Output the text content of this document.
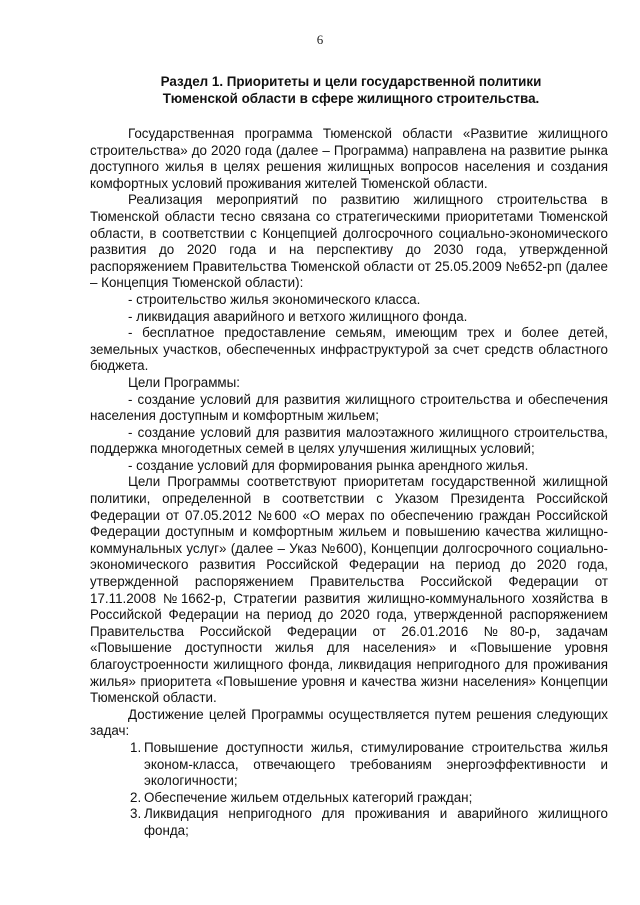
6
Раздел 1. Приоритеты и цели государственной политики
Тюменской области в сфере жилищного строительства.

Государственная программа Тюменской области «Развитие жилищного строительства» до 2020 года (далее – Программа) направлена на развитие рынка доступного жилья в целях решения жилищных вопросов населения и создания комфортных условий проживания жителей Тюменской области.

Реализация мероприятий по развитию жилищного строительства в Тюменской области тесно связана со стратегическими приоритетами Тюменской области, в соответствии с Концепцией долгосрочного социально-экономического развития до 2020 года и на перспективу до 2030 года, утвержденной распоряжением Правительства Тюменской области от 25.05.2009 №652-рп (далее – Концепция Тюменской области):

- строительство жилья экономического класса.

- ликвидация аварийного и ветхого жилищного фонда.

- бесплатное предоставление семьям, имеющим трех и более детей, земельных участков, обеспеченных инфраструктурой за счет средств областного бюджета.

Цели Программы:

- создание условий для развития жилищного строительства и обеспечения населения доступным и комфортным жильем;

- создание условий для развития малоэтажного жилищного строительства, поддержка многодетных семей в целях улучшения жилищных условий;

- создание условий для формирования рынка арендного жилья.

Цели Программы соответствуют приоритетам государственной жилищной политики, определенной в соответствии с Указом Президента Российской Федерации от 07.05.2012 №600 «О мерах по обеспечению граждан Российской Федерации доступным и комфортным жильем и повышению качества жилищно-коммунальных услуг» (далее – Указ №600), Концепции долгосрочного социально-экономического развития Российской Федерации на период до 2020 года, утвержденной распоряжением Правительства Российской Федерации от 17.11.2008 №1662-р, Стратегии развития жилищно-коммунального хозяйства в Российской Федерации на период до 2020 года, утвержденной распоряжением Правительства Российской Федерации от 26.01.2016 №80-р, задачам «Повышение доступности жилья для населения» и «Повышение уровня благоустроенности жилищного фонда, ликвидация непригодного для проживания жилья» приоритета «Повышение уровня и качества жизни населения» Концепции Тюменской области.

Достижение целей Программы осуществляется путем решения следующих задач:

1. Повышение доступности жилья, стимулирование строительства жилья эконом-класса, отвечающего требованиям энергоэффективности и экологичности;
2. Обеспечение жильем отдельных категорий граждан;
3. Ликвидация непригодного для проживания и аварийного жилищного фонда;
